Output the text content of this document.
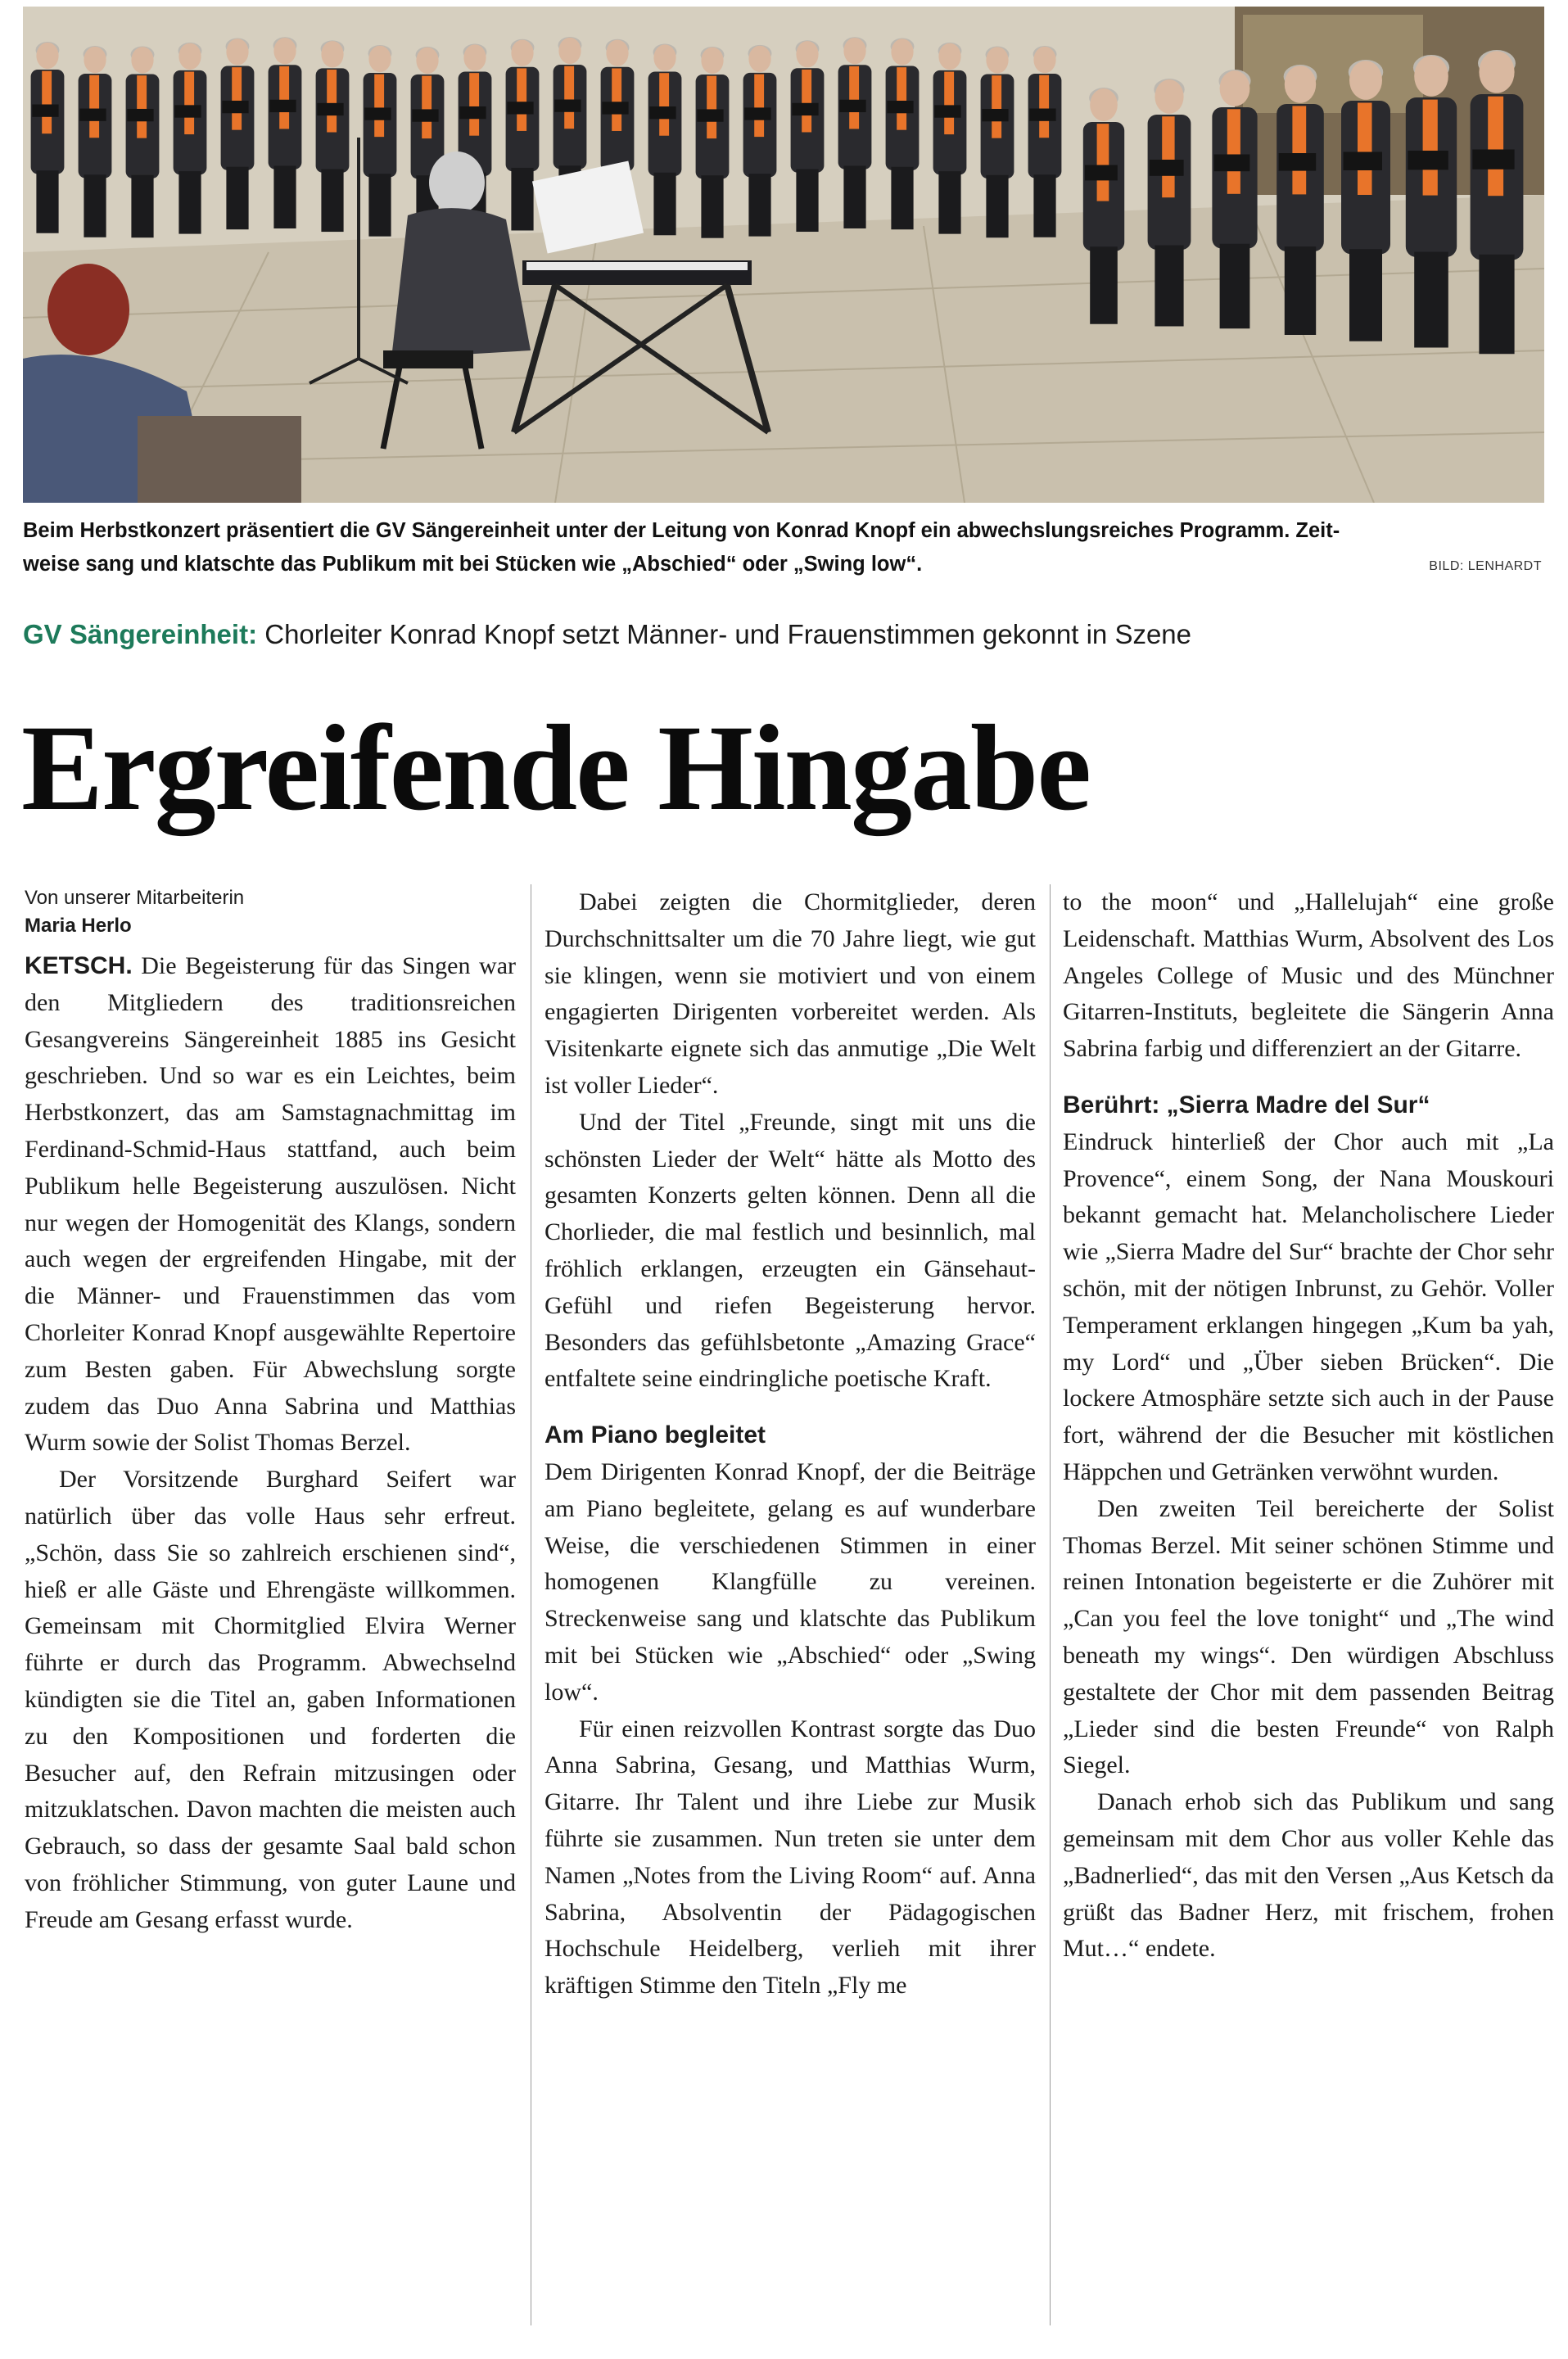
Beim Herbstkonzert präsentiert die GV Sängereinheit unter der Leitung von Konrad Knopf ein abwechslungsreiches Programm. Zeit-
weise sang und klatschte das Publikum mit bei Stücken wie „Abschied“ oder „Swing low“.	BILD: LENHARDT
GV Sängereinheit: Chorleiter Konrad Knopf setzt Männer- und Frauenstimmen gekonnt in Szene
Ergreifende Hingabe
Von unserer Mitarbeiterin
Maria Herlo

KETSCH. Die Begeisterung für das Singen war den Mitgliedern des traditionsreichen Gesangvereins Sängereinheit 1885 ins Gesicht geschrieben. Und so war es ein Leichtes, beim Herbstkonzert, das am Samstagnachmittag im Ferdinand-Schmid-Haus stattfand, auch beim Publikum helle Begeisterung auszulösen. Nicht nur wegen der Homogenität des Klangs, sondern auch wegen der ergreifenden Hingabe, mit der die Männer- und Frauenstimmen das vom Chorleiter Konrad Knopf ausgewählte Repertoire zum Besten gaben. Für Abwechslung sorgte zudem das Duo Anna Sabrina und Matthias Wurm sowie der Solist Thomas Berzel.

Der Vorsitzende Burghard Seifert war natürlich über das volle Haus sehr erfreut. „Schön, dass Sie so zahlreich erschienen sind“, hieß er alle Gäste und Ehrengäste willkommen. Gemeinsam mit Chormitglied Elvira Werner führte er durch das Programm. Abwechselnd kündigten sie die Titel an, gaben Informationen zu den Kompositionen und forderten die Besucher auf, den Refrain mitzusingen oder mitzuklatschen. Davon machten die meisten auch Gebrauch, so dass der gesamte Saal bald schon von fröhlicher Stimmung, von guter Laune und Freude am Gesang erfasst wurde.

Dabei zeigten die Chormitglieder, deren Durchschnittsalter um die 70 Jahre liegt, wie gut sie klingen, wenn sie motiviert und von einem engagierten Dirigenten vorbereitet werden. Als Visitenkarte eignete sich das anmutige „Die Welt ist voller Lieder“.

Und der Titel „Freunde, singt mit uns die schönsten Lieder der Welt“ hätte als Motto des gesamten Konzerts gelten können. Denn all die Chorlieder, die mal festlich und besinnlich, mal fröhlich erklangen, erzeugten ein Gänsehaut-Gefühl und riefen Begeisterung hervor. Besonders das gefühlsbetonte „Amazing Grace“ entfaltete seine eindringliche poetische Kraft.

Am Piano begleitet

Dem Dirigenten Konrad Knopf, der die Beiträge am Piano begleitete, gelang es auf wunderbare Weise, die verschiedenen Stimmen in einer homogenen Klangfülle zu vereinen. Streckenweise sang und klatschte das Publikum mit bei Stücken wie „Abschied“ oder „Swing low“.

Für einen reizvollen Kontrast sorgte das Duo Anna Sabrina, Gesang, und Matthias Wurm, Gitarre. Ihr Talent und ihre Liebe zur Musik führte sie zusammen. Nun treten sie unter dem Namen „Notes from the Living Room“ auf. Anna Sabrina, Absolventin der Pädagogischen Hochschule Heidelberg, verlieh mit ihrer kräftigen Stimme den Titeln „Fly me

to the moon“ und „Hallelujah“ eine große Leidenschaft. Matthias Wurm, Absolvent des Los Angeles College of Music und des Münchner Gitarren-Instituts, begleitete die Sängerin Anna Sabrina farbig und differenziert an der Gitarre.

Berührt: „Sierra Madre del Sur“

Eindruck hinterließ der Chor auch mit „La Provence“, einem Song, der Nana Mouskouri bekannt gemacht hat. Melancholischere Lieder wie „Sierra Madre del Sur“ brachte der Chor sehr schön, mit der nötigen Inbrunst, zu Gehör. Voller Temperament erklangen hingegen „Kum ba yah, my Lord“ und „Über sieben Brücken“. Die lockere Atmosphäre setzte sich auch in der Pause fort, während der die Besucher mit köstlichen Häppchen und Getränken verwöhnt wurden.

Den zweiten Teil bereicherte der Solist Thomas Berzel. Mit seiner schönen Stimme und reinen Intonation begeisterte er die Zuhörer mit „Can you feel the love tonight“ und „The wind beneath my wings“. Den würdigen Abschluss gestaltete der Chor mit dem passenden Beitrag „Lieder sind die besten Freunde“ von Ralph Siegel.

Danach erhob sich das Publikum und sang gemeinsam mit dem Chor aus voller Kehle das „Badnerlied“, das mit den Versen „Aus Ketsch da grüßt das Badner Herz, mit frischem, frohen Mut…“ endete.
